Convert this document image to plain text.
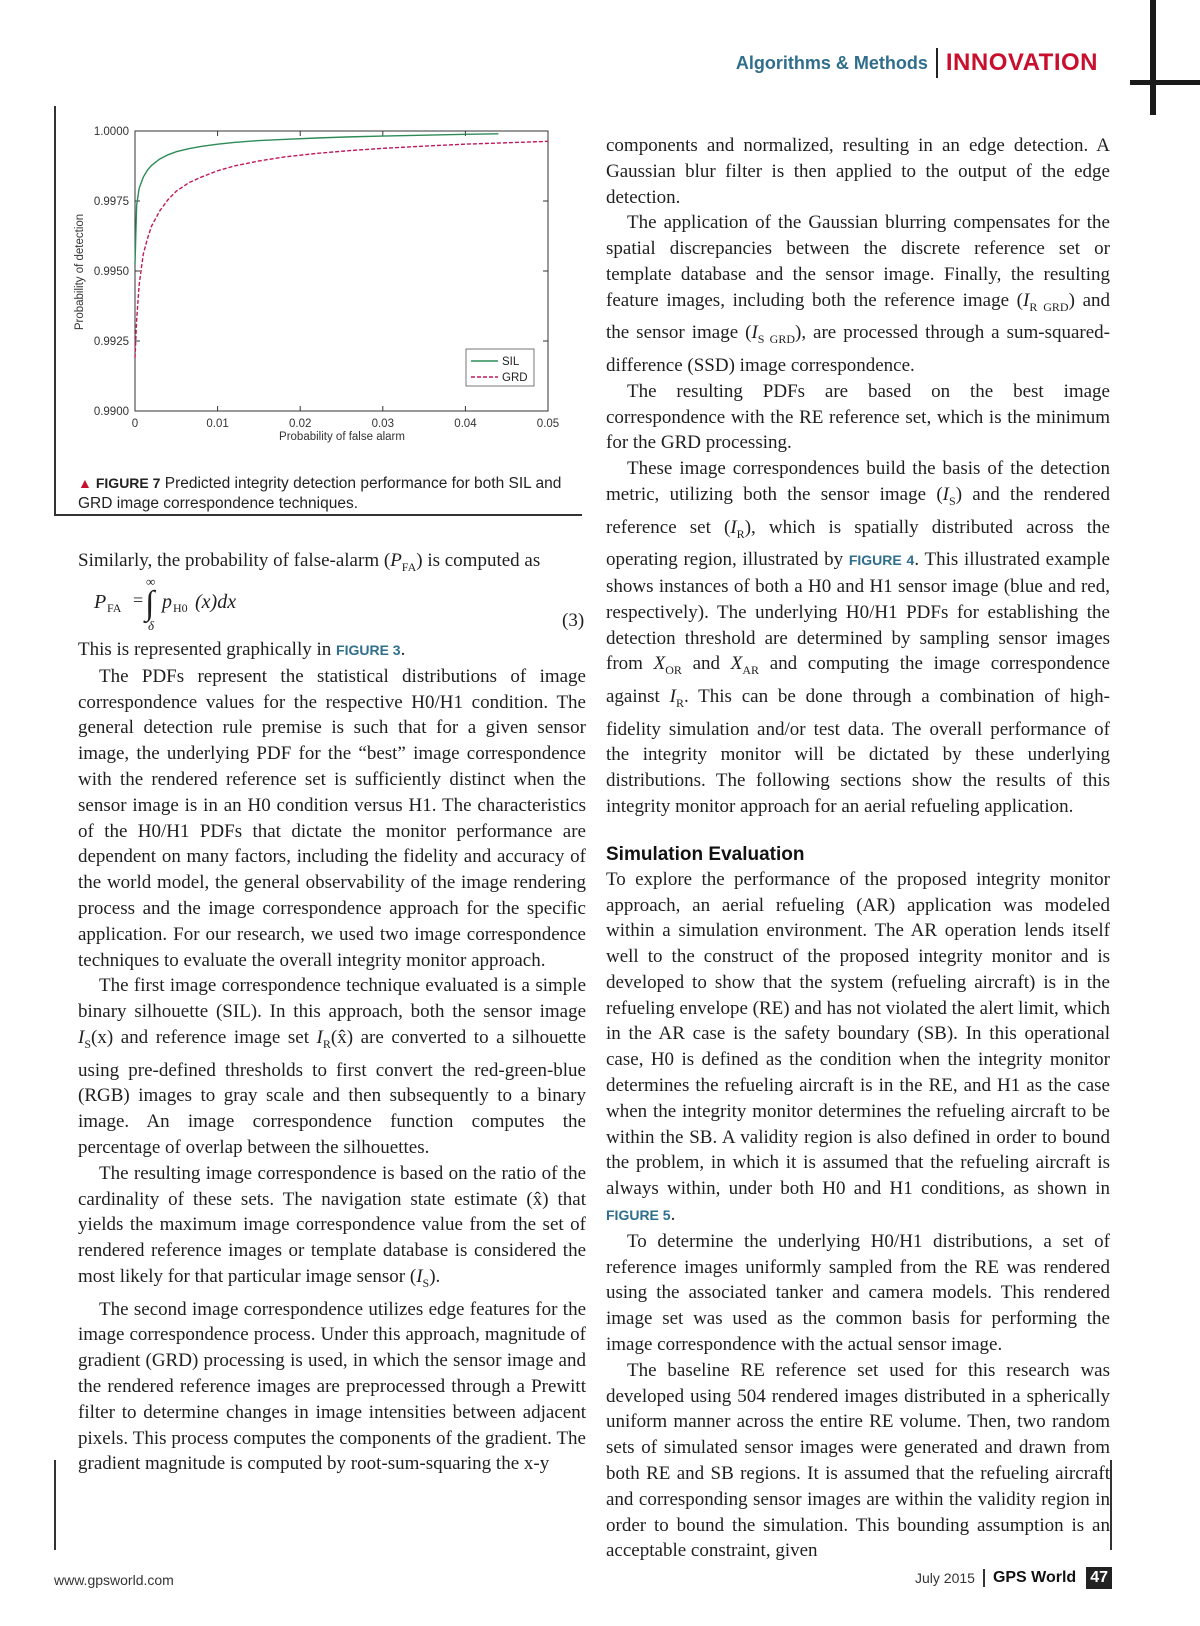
Algorithms & Methods INNOVATION
0.9900
0.9925
0.9950
0.9975
1.0000
0	0.01	0.02	0.03	0.04	0.05
Probability of detection
Probability of false alarm
SIL
GRD
▲ FIGURE 7 Predicted integrity detection performance for both SIL and GRD image correspondence techniques.

Similarly, the probability of false-alarm $(P_{FA})$ is computed as

P FA =
∞
∫
δ
p H0 (x)dx
(3)

This is represented graphically in FIGURE 3.

The PDFs represent the statistical distributions of image correspondence values for the respective H0/H1 condition. The general detection rule premise is such that for a given sensor image, the underlying PDF for the “best” image correspondence with the rendered reference set is sufficiently distinct when the sensor image is in an H0 condition versus H1. The characteristics of the H0/H1 PDFs that dictate the monitor performance are dependent on many factors, including the fidelity and accuracy of the world model, the general observability of the image rendering process and the image correspondence approach for the specific application. For our research, we used two image correspondence techniques to evaluate the overall integrity monitor approach.

The first image correspondence technique evaluated is a simple binary silhouette (SIL). In this approach, both the sensor image $I_S(x)$ and reference image set $I_R(x̂)$ are converted to a silhouette using pre-defined thresholds to first convert the red-green-blue (RGB) images to gray scale and then subsequently to a binary image. An image correspondence function computes the percentage of overlap between the silhouettes.

The resulting image correspondence is based on the ratio of the cardinality of these sets. The navigation state estimate (x̂) that yields the maximum image correspondence value from the set of rendered reference images or template database is considered the most likely for that particular image sensor $(I_S)$.

The second image correspondence utilizes edge features for the image correspondence process. Under this approach, magnitude of gradient (GRD) processing is used, in which the sensor image and the rendered reference images are preprocessed through a Prewitt filter to determine changes in image intensities between adjacent pixels. This process computes the components of the gradient. The gradient magnitude is computed by root-sum-squaring the x-y

components and normalized, resulting in an edge detection. A Gaussian blur filter is then applied to the output of the edge detection.

The application of the Gaussian blurring compensates for the spatial discrepancies between the discrete reference set or template database and the sensor image. Finally, the resulting feature images, including both the reference image $(I_{R GRD})$ and the sensor image $(I_{S GRD})$, are processed through a sum-squared-difference (SSD) image correspondence.

The resulting PDFs are based on the best image correspondence with the RE reference set, which is the minimum for the GRD processing.

These image correspondences build the basis of the detection metric, utilizing both the sensor image $(I_S)$ and the rendered reference set $(I_R)$, which is spatially distributed across the operating region, illustrated by FIGURE 4. This illustrated example shows instances of both a H0 and H1 sensor image (blue and red, respectively). The underlying H0/H1 PDFs for establishing the detection threshold are determined by sampling sensor images from $X_{OR}$ and $X_{AR}$ and computing the image correspondence against $I_R$. This can be done through a combination of high-fidelity simulation and/or test data. The overall performance of the integrity monitor will be dictated by these underlying distributions. The following sections show the results of this integrity monitor approach for an aerial refueling application.

Simulation Evaluation

To explore the performance of the proposed integrity monitor approach, an aerial refueling (AR) application was modeled within a simulation environment. The AR operation lends itself well to the construct of the proposed integrity monitor and is developed to show that the system (refueling aircraft) is in the refueling envelope (RE) and has not violated the alert limit, which in the AR case is the safety boundary (SB). In this operational case, H0 is defined as the condition when the integrity monitor determines the refueling aircraft is in the RE, and H1 as the case when the integrity monitor determines the refueling aircraft to be within the SB. A validity region is also defined in order to bound the problem, in which it is assumed that the refueling aircraft is always within, under both H0 and H1 conditions, as shown in FIGURE 5.

To determine the underlying H0/H1 distributions, a set of reference images uniformly sampled from the RE was rendered using the associated tanker and camera models. This rendered image set was used as the common basis for performing the image correspondence with the actual sensor image.

The baseline RE reference set used for this research was developed using 504 rendered images distributed in a spherically uniform manner across the entire RE volume. Then, two random sets of simulated sensor images were generated and drawn from both RE and SB regions. It is assumed that the refueling aircraft and corresponding sensor images are within the validity region in order to bound the simulation. This bounding assumption is an acceptable constraint, given

www.gpsworld.com	July 2015 GPS World 47
